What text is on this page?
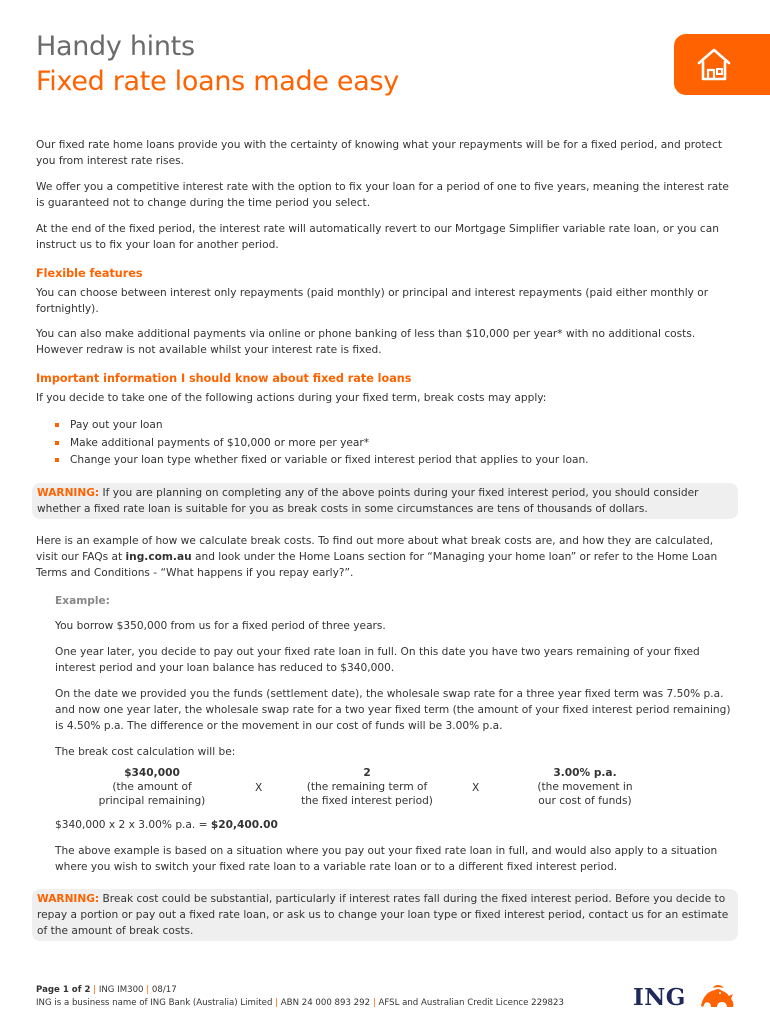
Handy hints
Fixed rate loans made easy
Our fixed rate home loans provide you with the certainty of knowing what your repayments will be for a fixed period, and protect you from interest rate rises.
We offer you a competitive interest rate with the option to fix your loan for a period of one to five years, meaning the interest rate is guaranteed not to change during the time period you select.
At the end of the fixed period, the interest rate will automatically revert to our Mortgage Simplifier variable rate loan, or you can instruct us to fix your loan for another period.
Flexible features
You can choose between interest only repayments (paid monthly) or principal and interest repayments (paid either monthly or fortnightly).
You can also make additional payments via online or phone banking of less than $10,000 per year* with no additional costs. However redraw is not available whilst your interest rate is fixed.
Important information I should know about fixed rate loans
If you decide to take one of the following actions during your fixed term, break costs may apply:
Pay out your loan
Make additional payments of $10,000 or more per year*
Change your loan type whether fixed or variable or fixed interest period that applies to your loan.
WARNING: If you are planning on completing any of the above points during your fixed interest period, you should consider whether a fixed rate loan is suitable for you as break costs in some circumstances are tens of thousands of dollars.
Here is an example of how we calculate break costs. To find out more about what break costs are, and how they are calculated, visit our FAQs at ing.com.au and look under the Home Loans section for “Managing your home loan” or refer to the Home Loan Terms and Conditions - “What happens if you repay early?”.
Example:
You borrow $350,000 from us for a fixed period of three years.
One year later, you decide to pay out your fixed rate loan in full. On this date you have two years remaining of your fixed interest period and your loan balance has reduced to $340,000.
On the date we provided you the funds (settlement date), the wholesale swap rate for a three year fixed term was 7.50% p.a. and now one year later, the wholesale swap rate for a two year fixed term (the amount of your fixed interest period remaining) is 4.50% p.a. The difference or the movement in our cost of funds will be 3.00% p.a.
The break cost calculation will be:
$340,000
(the amount of
principal remaining)
X
2
(the remaining term of
the fixed interest period)
X
3.00% p.a.
(the movement in
our cost of funds)
$340,000 x 2 x 3.00% p.a. = $20,400.00
The above example is based on a situation where you pay out your fixed rate loan in full, and would also apply to a situation where you wish to switch your fixed rate loan to a variable rate loan or to a different fixed interest period.
WARNING: Break cost could be substantial, particularly if interest rates fall during the fixed interest period. Before you decide to repay a portion or pay out a fixed rate loan, or ask us to change your loan type or fixed interest period, contact us for an estimate of the amount of break costs.
Page 1 of 2 | ING IM300 | 08/17
ING is a business name of ING Bank (Australia) Limited | ABN 24 000 893 292 | AFSL and Australian Credit Licence 229823	ING
